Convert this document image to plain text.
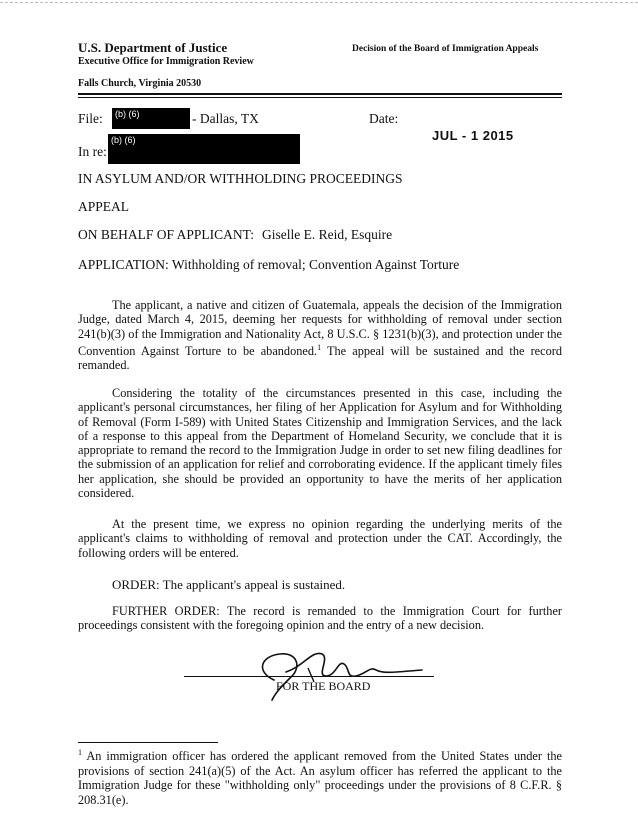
U.S. Department of Justice
Executive Office for Immigration Review
Decision of the Board of Immigration Appeals
Falls Church, Virginia 20530
File: (b) (6)	- Dallas, TX	Date:
JUL - 1 2015
(b) (6)
In re:
IN ASYLUM AND/OR WITHHOLDING PROCEEDINGS
APPEAL
ON BEHALF OF APPLICANT: Giselle E. Reid, Esquire
APPLICATION: Withholding of removal; Convention Against Torture

The applicant, a native and citizen of Guatemala, appeals the decision of the Immigration Judge, dated March 4, 2015, deeming her requests for withholding of removal under section 241(b)(3) of the Immigration and Nationality Act, 8 U.S.C. § 1231(b)(3), and protection under the Convention Against Torture to be abandoned.$^1$ The appeal will be sustained and the record remanded.

Considering the totality of the circumstances presented in this case, including the applicant's personal circumstances, her filing of her Application for Asylum and for Withholding of Removal (Form I-589) with United States Citizenship and Immigration Services, and the lack of a response to this appeal from the Department of Homeland Security, we conclude that it is appropriate to remand the record to the Immigration Judge in order to set new filing deadlines for the submission of an application for relief and corroborating evidence. If the applicant timely files her application, she should be provided an opportunity to have the merits of her application considered.

At the present time, we express no opinion regarding the underlying merits of the applicant's claims to withholding of removal and protection under the CAT. Accordingly, the following orders will be entered.

ORDER: The applicant's appeal is sustained.

FURTHER ORDER: The record is remanded to the Immigration Court for further proceedings consistent with the foregoing opinion and the entry of a new decision.

FOR THE BOARD

$^1$ An immigration officer has ordered the applicant removed from the United States under the provisions of section 241(a)(5) of the Act. An asylum officer has referred the applicant to the Immigration Judge for these "withholding only" proceedings under the provisions of 8 C.F.R. § 208.31(e).
